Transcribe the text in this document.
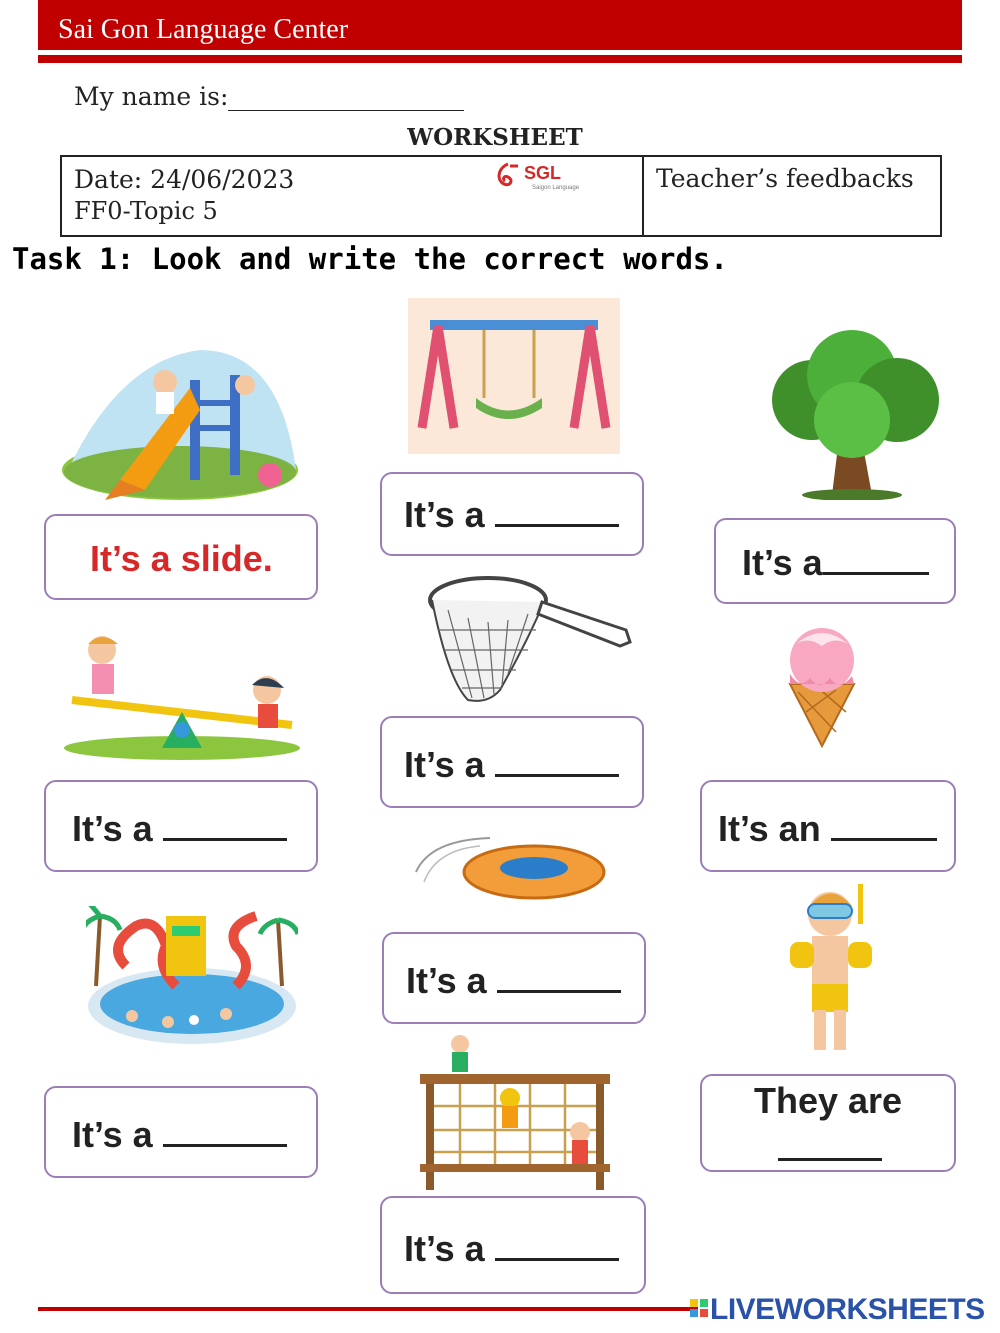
Sai Gon Language Center
My name is:
WORKSHEET
Date: 24/06/2023
FF0-Topic 5
Teacher’s feedbacks
SGL
Saigon Language
Task 1: Look and write the correct words.
It’s a slide.
It’s a
It’s a
It’s a
It’s a
It’s an
It’s a
It’s a
They are
It’s a
LIVEWORKSHEETS
